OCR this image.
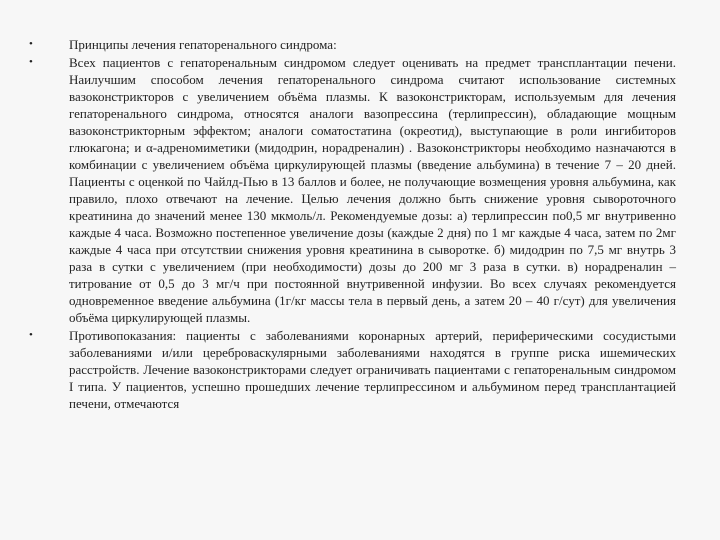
•	Принципы лечения гепаторенального синдрома:
•	Всех пациентов с гепаторенальным синдромом следует оценивать на предмет трансплантации печени. Наилучшим способом лечения гепаторенального синдрома считают использование системных вазоконстрикторов с увеличением объёма плазмы. К вазоконстрикторам, используемым для лечения гепаторенального синдрома, относятся аналоги вазопрессина (терлипрессин), обладающие мощным вазоконстрикторным эффектом; аналоги соматостатина (окреотид), выступающие в роли ингибиторов глюкагона; и α-адреномиметики (мидодрин, норадреналин) . Вазоконстрикторы необходимо назначаются в комбинации с увеличением объёма циркулирующей плазмы (введение альбумина) в течение 7 – 20 дней. Пациенты с оценкой по Чайлд-Пью в 13 баллов и более, не получающие возмещения уровня альбумина, как правило, плохо отвечают на лечение. Целью лечения должно быть снижение уровня сывороточного креатинина до значений менее 130 мкмоль/л. Рекомендуемые дозы: а) терлипрессин по0,5 мг внутривенно каждые 4 часа. Возможно постепенное увеличение дозы (каждые 2 дня) по 1 мг каждые 4 часа, затем по 2мг каждые 4 часа при отсутствии снижения уровня креатинина в сыворотке. б) мидодрин по 7,5 мг внутрь 3 раза в сутки с увеличением (при необходимости) дозы до 200 мг 3 раза в сутки. в) норадреналин – титрование от 0,5 до 3 мг/ч при постоянной внутривенной инфузии. Во всех случаях рекомендуется одновременное введение альбумина (1г/кг массы тела в первый день, а затем 20 – 40 г/сут) для увеличения объёма циркулирующей плазмы.
•	Противопоказания: пациенты с заболеваниями коронарных артерий, периферическими сосудистыми заболеваниями и/или цереброваскулярными заболеваниями находятся в группе риска ишемических расстройств. Лечение вазоконстрикторами следует ограничивать пациентами с гепаторенальным синдромом I типа. У пациентов, успешно прошедших лечение терлипрессином и альбумином перед трансплантацией печени, отмечаются
